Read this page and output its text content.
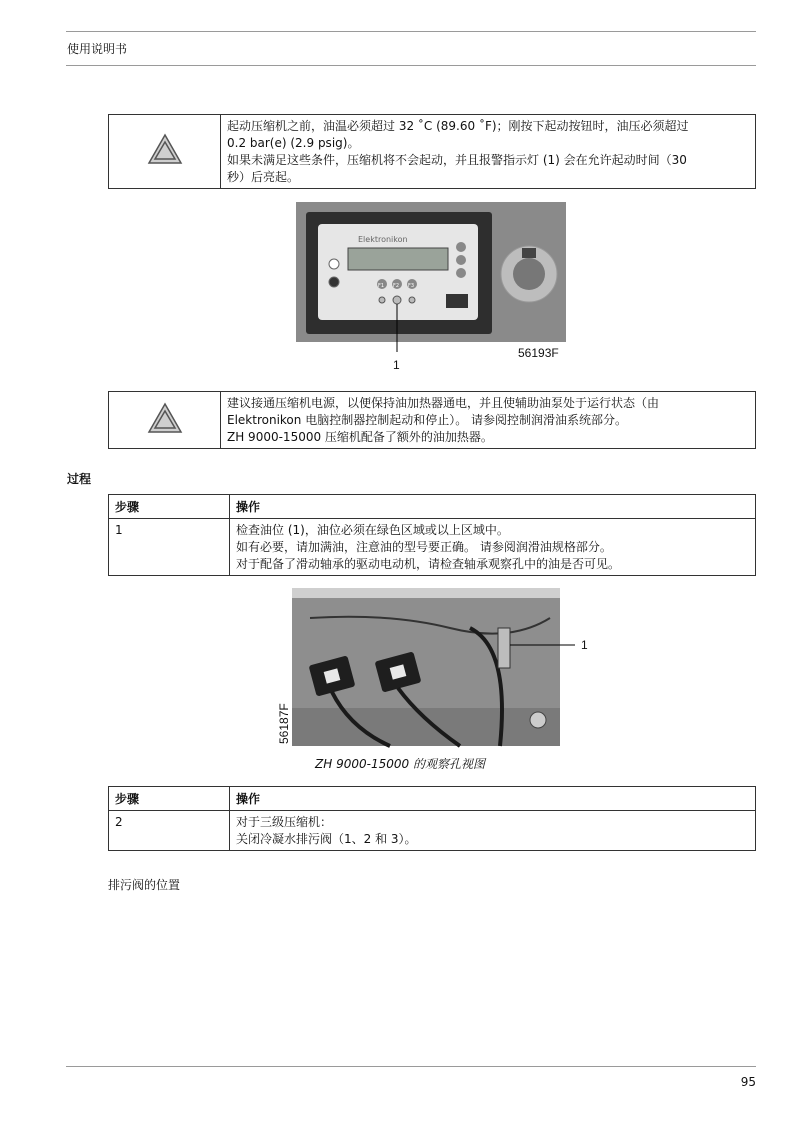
使用说明书

起动压缩机之前，油温必须超过 32 ˚C (89.60 ˚F)；刚按下起动按钮时，油压必须超过
0.2 bar(e) (2.9 psig)。
如果未满足这些条件，压缩机将不会起动，并且报警指示灯 (1) 会在允许起动时间（30
秒）后亮起。
Elektronikon
F1 F2 F3
1
56193F

建议接通压缩机电源，以便保持油加热器通电，并且使辅助油泵处于运行状态（由
Elektronikon 电脑控制器控制起动和停止）。 请参阅控制润滑油系统部分。
ZH 9000-15000 压缩机配备了额外的油加热器。
过程
步骤	操作
1	检查油位 (1)，油位必须在绿色区域或以上区域中。
如有必要，请加满油，注意油的型号要正确。 请参阅润滑油规格部分。
对于配备了滑动轴承的驱动电动机，请检查轴承观察孔中的油是否可见。
1
56187F
ZH 9000-15000 的观察孔视图
步骤	操作
2	对于三级压缩机：
关闭冷凝水排污阀（1、2 和 3）。
排污阀的位置
95
